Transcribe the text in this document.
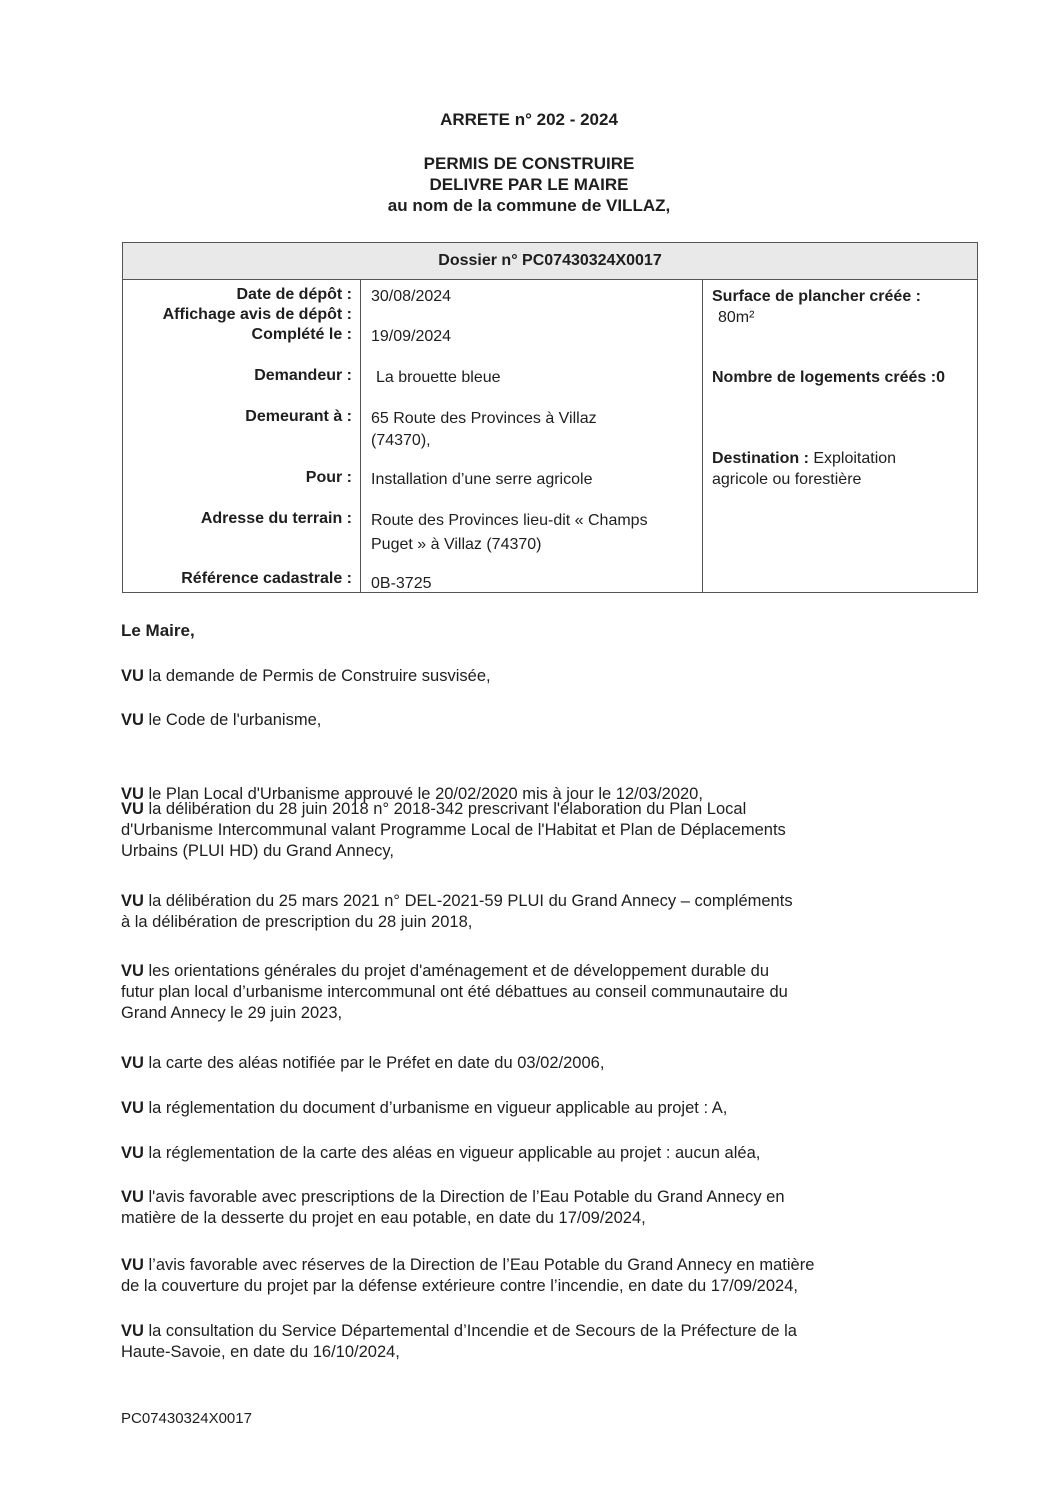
ARRETE n° 202 - 2024
PERMIS DE CONSTRUIRE
DELIVRE PAR LE MAIRE
au nom de la commune de VILLAZ,
Dossier n° PC07430324X0017
Date de dépôt :
Affichage avis de dépôt :
Complété le :
Demandeur :
Demeurant à :
Pour :
Adresse du terrain :
Référence cadastrale :
30/08/2024
19/09/2024
La brouette bleue
65 Route des Provinces à Villaz
(74370),
Installation d’une serre agricole
Route des Provinces lieu-dit « Champs
Puget » à Villaz (74370)
0B-3725
Surface de plancher créée :
80m²
Nombre de logements créés :0
Destination : Exploitation
agricole ou forestière
Le Maire,
VU la demande de Permis de Construire susvisée,
VU le Code de l'urbanisme,
VU le Plan Local d'Urbanisme approuvé le 20/02/2020 mis à jour le 12/03/2020,
VU la délibération du 28 juin 2018 n° 2018-342 prescrivant l'élaboration du Plan Local
d'Urbanisme Intercommunal valant Programme Local de l'Habitat et Plan de Déplacements
Urbains (PLUI HD) du Grand Annecy,
VU la délibération du 25 mars 2021 n° DEL-2021-59 PLUI du Grand Annecy – compléments
à la délibération de prescription du 28 juin 2018,
VU les orientations générales du projet d'aménagement et de développement durable du
futur plan local d’urbanisme intercommunal ont été débattues au conseil communautaire du
Grand Annecy le 29 juin 2023,
VU la carte des aléas notifiée par le Préfet en date du 03/02/2006,
VU la réglementation du document d’urbanisme en vigueur applicable au projet : A,
VU la réglementation de la carte des aléas en vigueur applicable au projet : aucun aléa,
VU l'avis favorable avec prescriptions de la Direction de l’Eau Potable du Grand Annecy en
matière de la desserte du projet en eau potable, en date du 17/09/2024,
VU l’avis favorable avec réserves de la Direction de l’Eau Potable du Grand Annecy en matière
de la couverture du projet par la défense extérieure contre l’incendie, en date du 17/09/2024,
VU la consultation du Service Départemental d’Incendie et de Secours de la Préfecture de la
Haute-Savoie, en date du 16/10/2024,
PC07430324X0017
